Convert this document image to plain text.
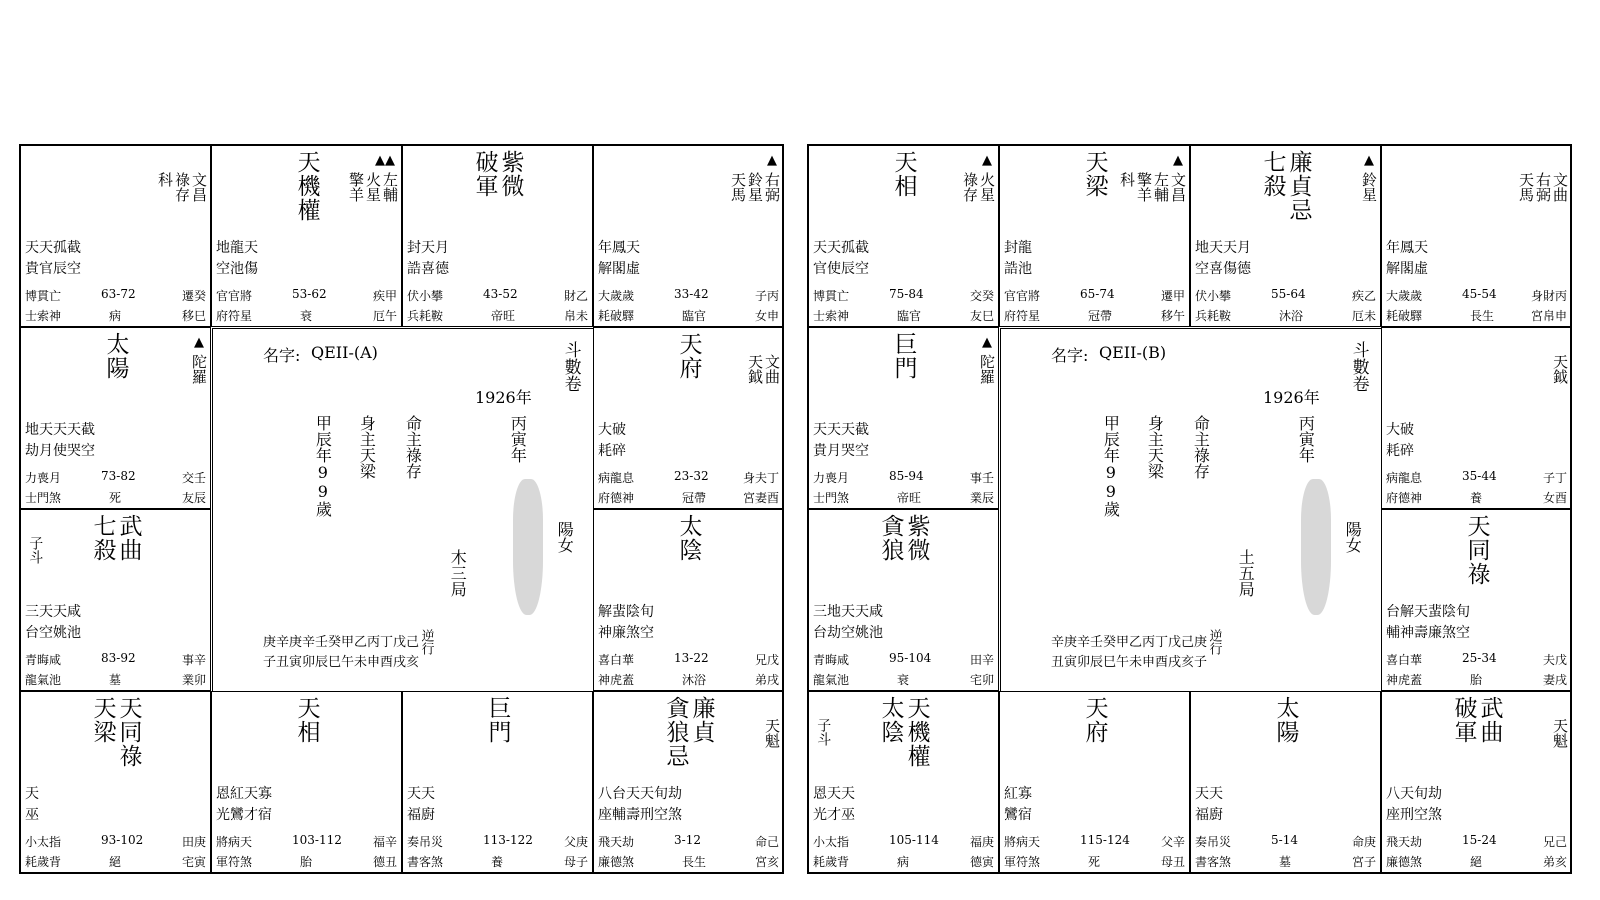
文昌
祿存
科
天天孤截
貴官辰空
博貫亡	63-72	遷癸
士索神	病	移巳
天機權	左輔
火星
擎羊
▲▲
地龍天
空池傷
官官將	53-62	疾甲
府符星	衰	厄午
紫微
破軍
封天月
誥喜德
伏小攀	43-52	財乙
兵耗鞍	帝旺	帛未
右弼
鈴星
天馬
▲
年鳳天
解閣虛
大歲歲	33-42	子丙
耗破驛	臨官	女申
太陽	陀羅
▲
地天天天截
劫月使哭空
力喪月	73-82	交壬
士門煞	死	友辰
天府	文曲
天鉞
大破
耗碎
病龍息	23-32	身夫丁
府德神	冠帶	宮妻酉
武曲
七殺
子斗
三天天咸
台空姚池
青晦咸	83-92	事辛
龍氣池	墓	業卯
太陰
解蜚陰旬
神廉煞空
喜白華	13-22	兄戊
神虎蓋	沐浴	弟戌
天同祿
天梁
天
巫
小太指	93-102	田庚
耗歲背	絕	宅寅
天相
恩紅天寡
光鸞才宿
將病天	103-112	福辛
軍符煞	胎	德丑
巨門
天天
福廚
奏吊災	113-122	父庚
書客煞	養	母子
廉貞
貪狼忌	天魁
八台天天旬劫
座輔壽刑空煞
飛天劫	3-12	命己
廉德煞	長生	宮亥
名字: QEII-(A)	斗數卷
1926年
甲辰年99歲 身主天梁 命主祿存	丙寅年
陽女
木三局
庚辛庚辛壬癸甲乙丙丁戊己
子丑寅卯辰巳午未申酉戌亥
逆行
天相	火星
祿存
▲
天天孤截
官使辰空
博貫亡	75-84	交癸
士索神	臨官	友巳
天梁	文昌
左輔
擎羊
科
▲
封龍
誥池
官官將	65-74	遷甲
府符星	冠帶	移午
廉貞忌
七殺	鈴星
▲
地天天月
空喜傷德
伏小攀	55-64	疾乙
兵耗鞍	沐浴	厄未
文曲
右弼
天馬
年鳳天
解閣虛
大歲歲	45-54	身財丙
耗破驛	長生	宮帛申
巨門	陀羅
▲
天天天截
貴月哭空
力喪月	85-94	事壬
士門煞	帝旺	業辰
天鉞
大破
耗碎
病龍息	35-44	子丁
府德神	養	女酉
紫微
貪狼
三地天天咸
台劫空姚池
青晦咸	95-104	田辛
龍氣池	衰	宅卯
天同祿
台解天蜚陰旬
輔神壽廉煞空
喜白華	25-34	夫戊
神虎蓋	胎	妻戌
天機權
太陰
子斗
恩天天
光才巫
小太指	105-114	福庚
耗歲背	病	德寅
天府
紅寡
鸞宿
將病天	115-124	父辛
軍符煞	死	母丑
太陽
天天
福廚
奏吊災	5-14	命庚
書客煞	墓	宮子
武曲
破軍	天魁
八天旬劫
座刑空煞
飛天劫	15-24	兄己
廉德煞	絕	弟亥
名字: QEII-(B)	斗數卷
1926年
甲辰年99歲 身主天梁 命主祿存	丙寅年
陽女
土五局
辛庚辛壬癸甲乙丙丁戊己庚
丑寅卯辰巳午未申酉戌亥子
逆行
